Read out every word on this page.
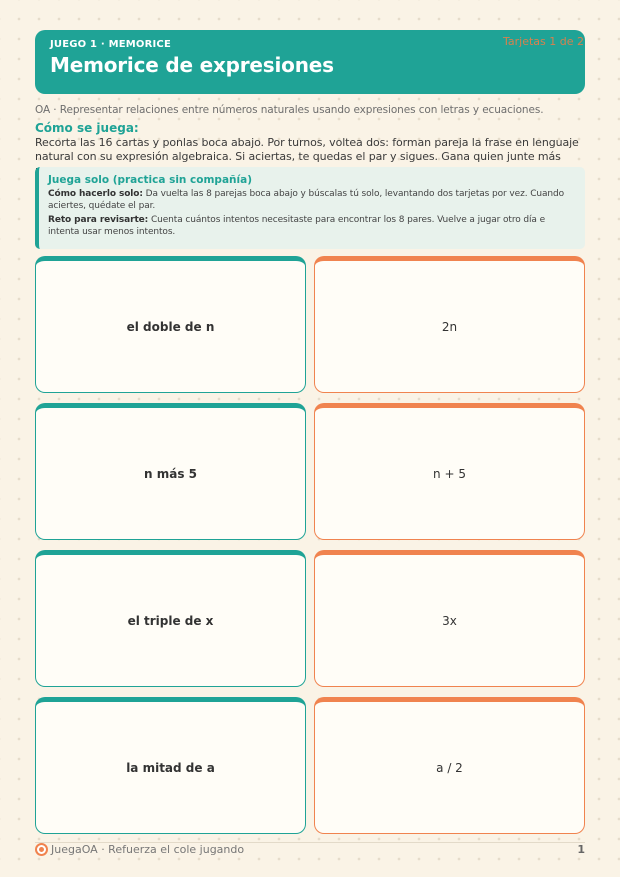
JUEGO 1 · MEMORICE
Memorice de expresiones
Tarjetas 1 de 2
OA · Representar relaciones entre números naturales usando expresiones con letras y ecuaciones.
Cómo se juega:
Recorta las 16 cartas y ponlas boca abajo. Por turnos, voltea dos: forman pareja la frase en lenguaje natural con su expresión algebraica. Si aciertas, te quedas el par y sigues. Gana quien junte más
Juega solo (practica sin compañía)
Cómo hacerlo solo: Da vuelta las 8 parejas boca abajo y búscalas tú solo, levantando dos tarjetas por vez. Cuando aciertes, quédate el par.
Reto para revisarte: Cuenta cuántos intentos necesitaste para encontrar los 8 pares. Vuelve a jugar otro día e intenta usar menos intentos.
el doble de n	2n
n más 5	n + 5
el triple de x	3x
la mitad de a	a / 2
JuegaOA · Refuerza el cole jugando	1
